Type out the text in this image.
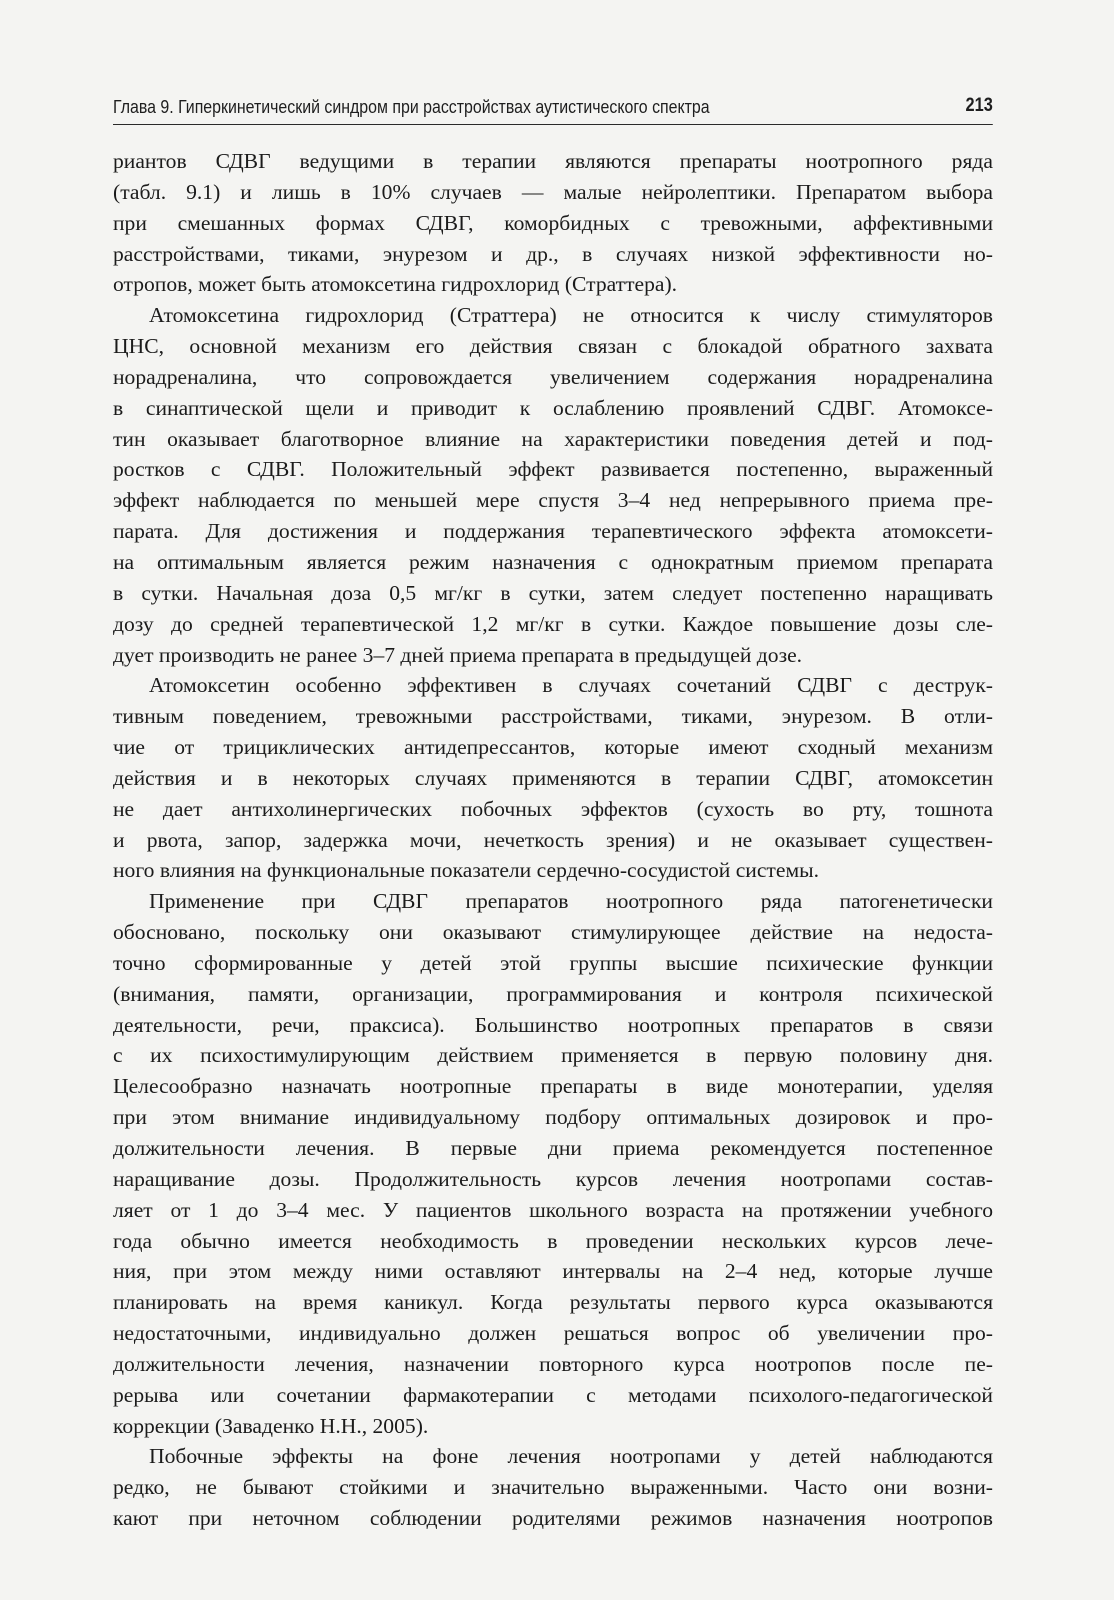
Глава 9. Гиперкинетический синдром при расстройствах аутистического спектра	213
риантов СДВГ ведущими в терапии являются препараты ноотропного ряда
(табл. 9.1) и лишь в 10% случаев — малые нейролептики. Препаратом выбора
при смешанных формах СДВГ, коморбидных с тревожными, аффективными
расстройствами, тиками, энурезом и др., в случаях низкой эффективности но-
отропов, может быть атомоксетина гидрохлорид (Страттера).
Атомоксетина гидрохлорид (Страттера) не относится к числу стимуляторов
ЦНС, основной механизм его действия связан с блокадой обратного захвата
норадреналина, что сопровождается увеличением содержания норадреналина
в синаптической щели и приводит к ослаблению проявлений СДВГ. Атомоксе-
тин оказывает благотворное влияние на характеристики поведения детей и под-
ростков с СДВГ. Положительный эффект развивается постепенно, выраженный
эффект наблюдается по меньшей мере спустя 3–4 нед непрерывного приема пре-
парата. Для достижения и поддержания терапевтического эффекта атомоксети-
на оптимальным является режим назначения с однократным приемом препарата
в сутки. Начальная доза 0,5 мг/кг в сутки, затем следует постепенно наращивать
дозу до средней терапевтической 1,2 мг/кг в сутки. Каждое повышение дозы сле-
дует производить не ранее 3–7 дней приема препарата в предыдущей дозе.
Атомоксетин особенно эффективен в случаях сочетаний СДВГ с деструк-
тивным поведением, тревожными расстройствами, тиками, энурезом. В отли-
чие от трициклических антидепрессантов, которые имеют сходный механизм
действия и в некоторых случаях применяются в терапии СДВГ, атомоксетин
не дает антихолинергических побочных эффектов (сухость во рту, тошнота
и рвота, запор, задержка мочи, нечеткость зрения) и не оказывает существен-
ного влияния на функциональные показатели сердечно-сосудистой системы.
Применение при СДВГ препаратов ноотропного ряда патогенетически
обосновано, поскольку они оказывают стимулирующее действие на недоста-
точно сформированные у детей этой группы высшие психические функции
(внимания, памяти, организации, программирования и контроля психической
деятельности, речи, праксиса). Большинство ноотропных препаратов в связи
с их психостимулирующим действием применяется в первую половину дня.
Целесообразно назначать ноотропные препараты в виде монотерапии, уделяя
при этом внимание индивидуальному подбору оптимальных дозировок и про-
должительности лечения. В первые дни приема рекомендуется постепенное
наращивание дозы. Продолжительность курсов лечения ноотропами состав-
ляет от 1 до 3–4 мес. У пациентов школьного возраста на протяжении учебного
года обычно имеется необходимость в проведении нескольких курсов лече-
ния, при этом между ними оставляют интервалы на 2–4 нед, которые лучше
планировать на время каникул. Когда результаты первого курса оказываются
недостаточными, индивидуально должен решаться вопрос об увеличении про-
должительности лечения, назначении повторного курса ноотропов после пе-
рерыва или сочетании фармакотерапии с методами психолого-педагогической
коррекции (Заваденко Н.Н., 2005).
Побочные эффекты на фоне лечения ноотропами у детей наблюдаются
редко, не бывают стойкими и значительно выраженными. Часто они возни-
кают при неточном соблюдении родителями режимов назначения ноотропов
